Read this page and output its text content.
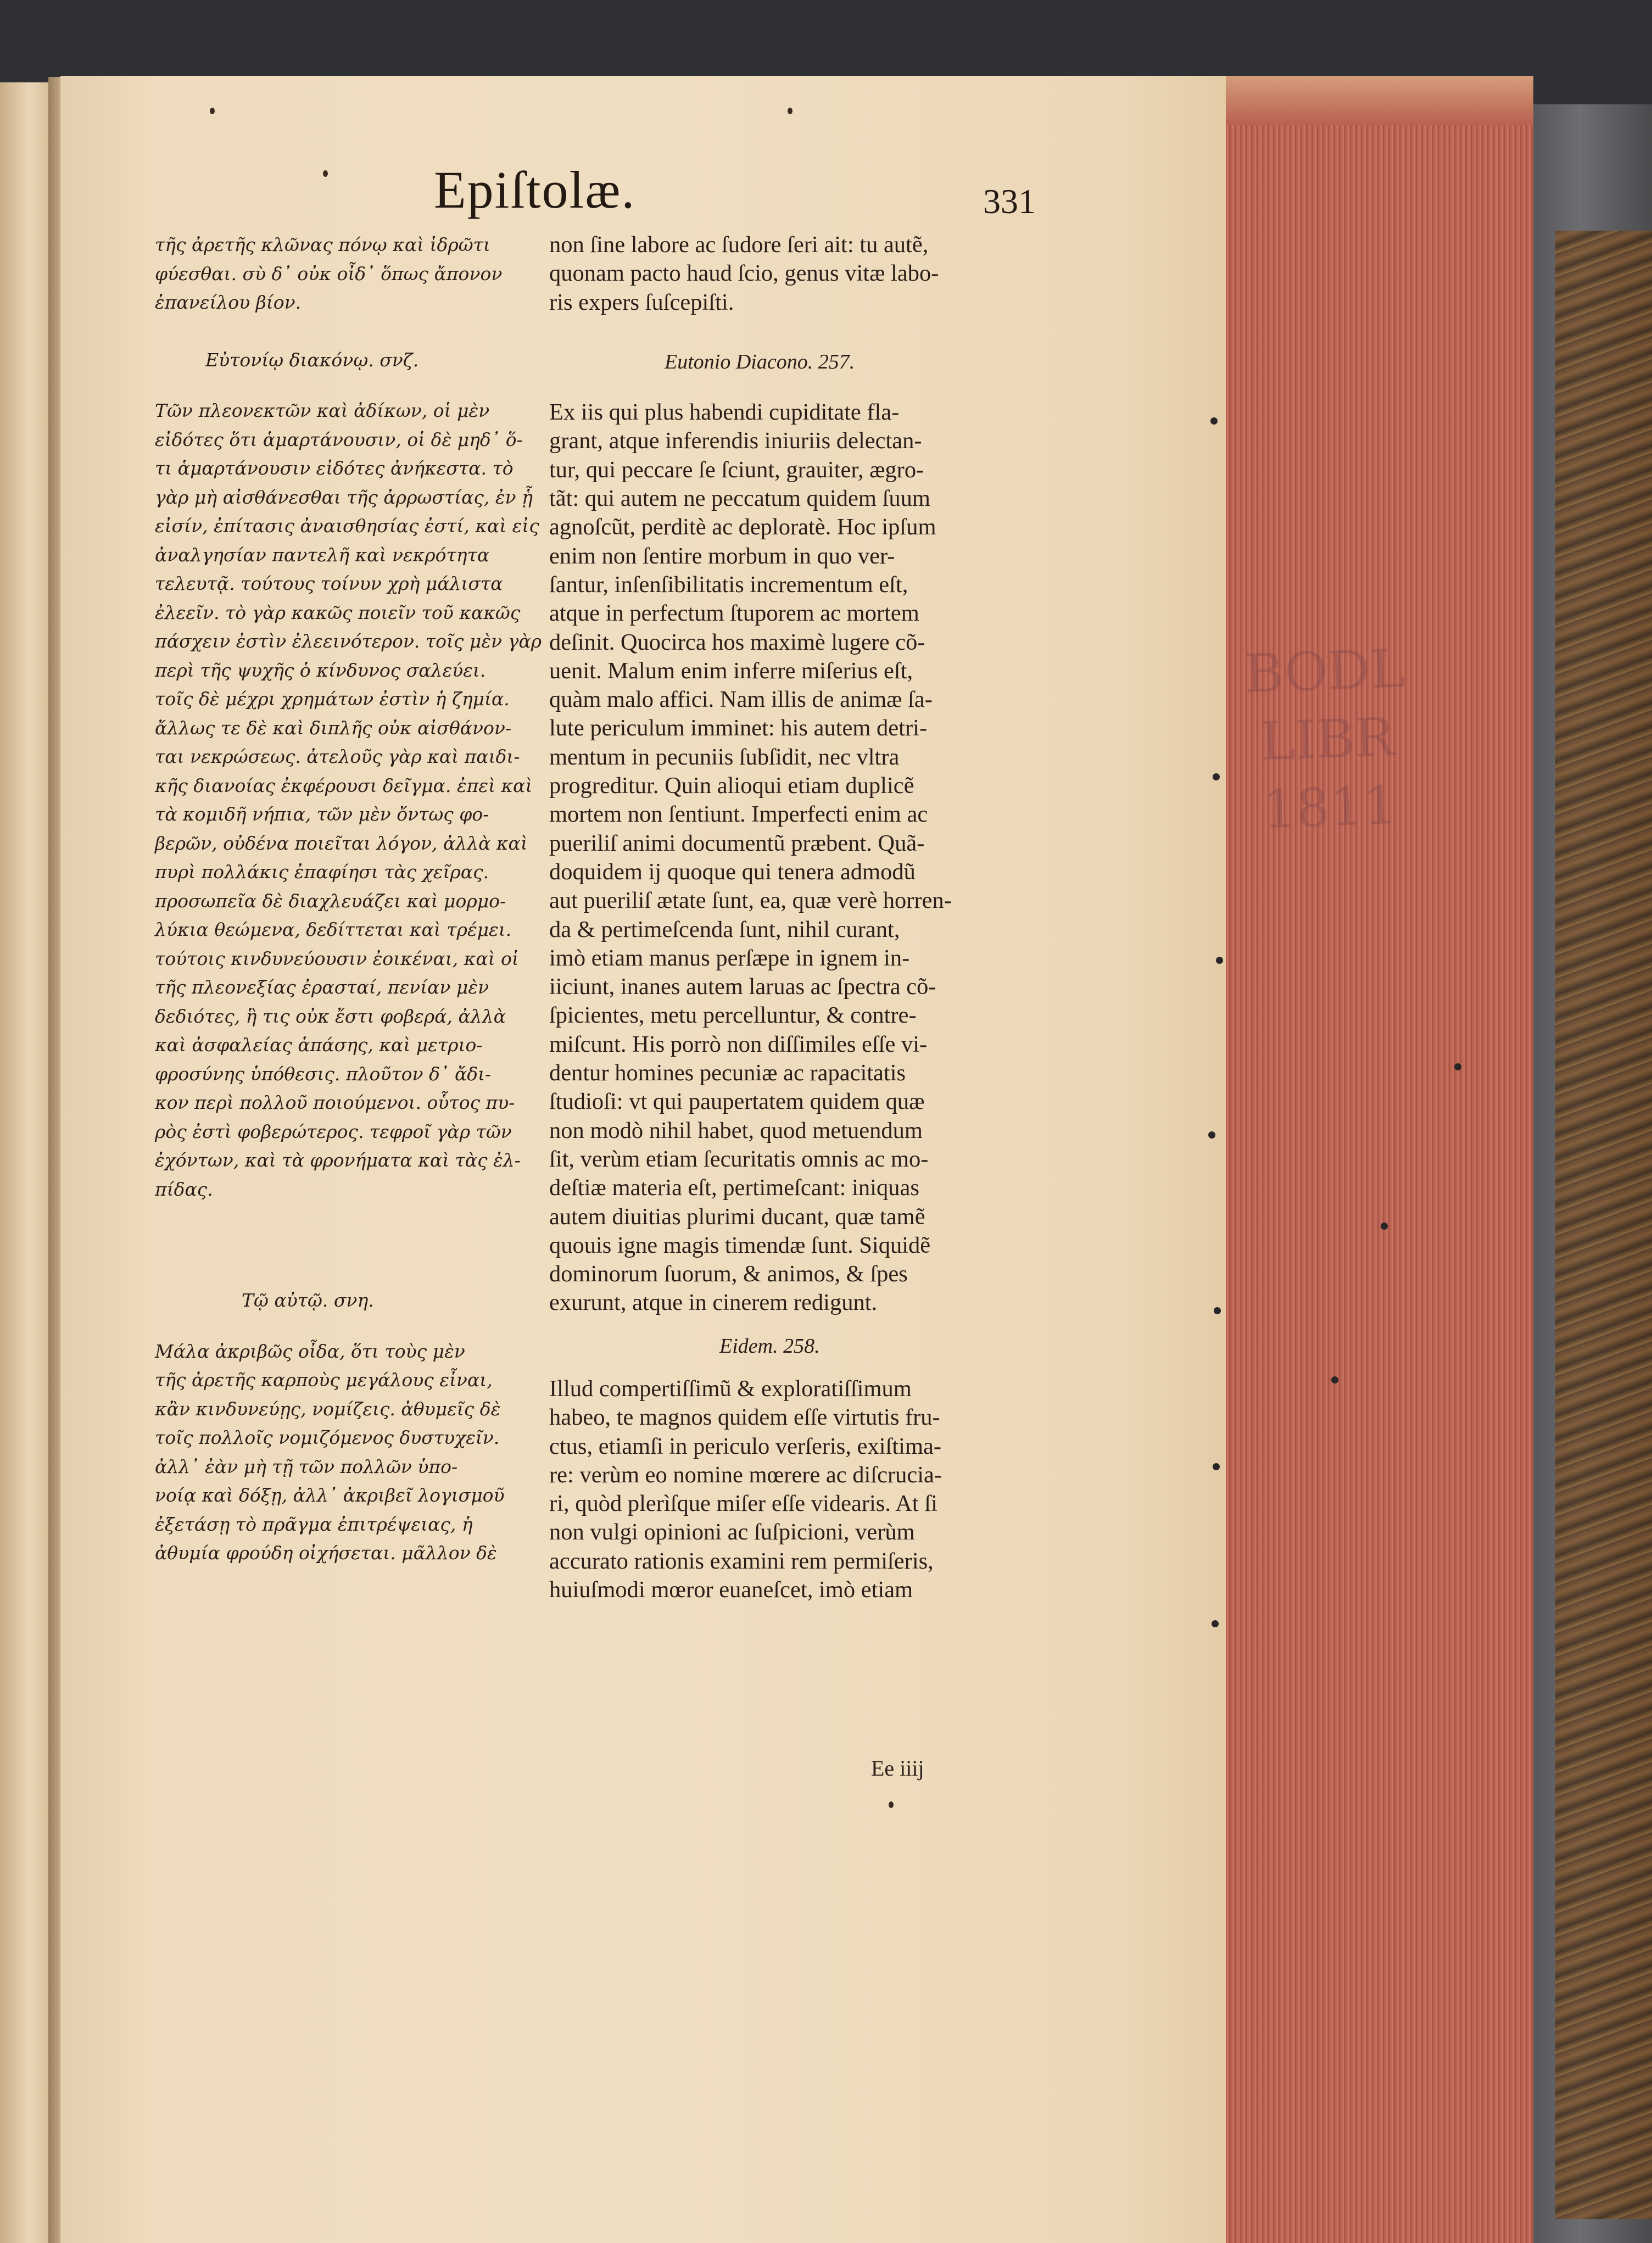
BODL
LIBR
1811
Epiſtolæ.	331
τῆς ἀρετῆς κλῶνας πόνῳ καὶ ἱδρῶτι
φύεσθαι. σὺ δ᾽ οὐκ οἶδ᾽ ὅπως ἄπονον
ἐπανείλου βίον.
Εὐτονίῳ διακόνῳ. σνζ.
Τῶν πλεονεκτῶν καὶ ἀδίκων, οἱ μὲν
εἰδότες ὅτι ἁμαρτάνουσιν, οἱ δὲ μηδ᾽ ὅ-
τι ἁμαρτάνουσιν εἰδότες ἀνήκεστα. τὸ
γὰρ μὴ αἰσθάνεσθαι τῆς ἀρρωστίας, ἐν ᾗ
εἰσίν, ἐπίτασις ἀναισθησίας ἐστί, καὶ εἰς
ἀναλγησίαν παντελῆ καὶ νεκρότητα
τελευτᾷ. τούτους τοίνυν χρὴ μάλιστα
ἐλεεῖν. τὸ γὰρ κακῶς ποιεῖν τοῦ κακῶς
πάσχειν ἐστὶν ἐλεεινότερον. τοῖς μὲν γὰρ
περὶ τῆς ψυχῆς ὁ κίνδυνος σαλεύει.
τοῖς δὲ μέχρι χρημάτων ἐστὶν ἡ ζημία.
ἄλλως τε δὲ καὶ διπλῆς οὐκ αἰσθάνον-
ται νεκρώσεως. ἀτελοῦς γὰρ καὶ παιδι-
κῆς διανοίας ἐκφέρουσι δεῖγμα. ἐπεὶ καὶ
τὰ κομιδῆ νήπια, τῶν μὲν ὄντως φο-
βερῶν, οὐδένα ποιεῖται λόγον, ἀλλὰ καὶ
πυρὶ πολλάκις ἐπαφίησι τὰς χεῖρας.
προσωπεῖα δὲ διαχλευάζει καὶ μορμο-
λύκια θεώμενα, δεδίττεται καὶ τρέμει.
τούτοις κινδυνεύουσιν ἐοικέναι, καὶ οἱ
τῆς πλεονεξίας ἐρασταί, πενίαν μὲν
δεδιότες, ἣ τις οὐκ ἔστι φοβερά, ἀλλὰ
καὶ ἀσφαλείας ἁπάσης, καὶ μετριο-
φροσύνης ὑπόθεσις. πλοῦτον δ᾽ ἄδι-
κον περὶ πολλοῦ ποιούμενοι. οὗτος πυ-
ρὸς ἐστὶ φοβερώτερος. τεφροῖ γὰρ τῶν
ἐχόντων, καὶ τὰ φρονήματα καὶ τὰς ἐλ-
πίδας.
Τῷ αὐτῷ. σνη.
Μάλα ἀκριβῶς οἶδα, ὅτι τοὺς μὲν
τῆς ἀρετῆς καρποὺς μεγάλους εἶναι,
κἂν κινδυνεύῃς, νομίζεις. ἀθυμεῖς δὲ
τοῖς πολλοῖς νομιζόμενος δυστυχεῖν.
ἀλλ᾽ ἐὰν μὴ τῇ τῶν πολλῶν ὑπο-
νοίᾳ καὶ δόξῃ, ἀλλ᾽ ἀκριβεῖ λογισμοῦ
ἐξετάσῃ τὸ πρᾶγμα ἐπιτρέψειας, ἡ
ἀθυμία φρούδη οἰχήσεται. μᾶλλον δὲ
non ſine labore ac ſudore ſeri ait: tu autẽ,
quonam pacto haud ſcio, genus vitæ labo-
ris expers ſuſcepiſti.
Eutonio Diacono. 257.
Ex iis qui plus habendi cupiditate fla-
grant, atque inferendis iniuriis delectan-
tur, qui peccare ſe ſciunt, grauiter, ægro-
tãt: qui autem ne peccatum quidem ſuum
agnoſcũt, perditè ac deploratè. Hoc ipſum
enim non ſentire morbum in quo ver-
ſantur, inſenſibilitatis incrementum eſt,
atque in perfectum ſtuporem ac mortem
deſinit. Quocirca hos maximè lugere cõ-
uenit. Malum enim inferre miſerius eſt,
quàm malo affici. Nam illis de animæ ſa-
lute periculum imminet: his autem detri-
mentum in pecuniis ſubſidit, nec vltra
progreditur. Quin alioqui etiam duplicẽ
mortem non ſentiunt. Imperfecti enim ac
pueriliſ animi documentũ præbent. Quã-
doquidem ij quoque qui tenera admodũ
aut pueriliſ ætate ſunt, ea, quæ verè horren-
da & pertimeſcenda ſunt, nihil curant,
imò etiam manus perſæpe in ignem in-
iiciunt, inanes autem laruas ac ſpectra cõ-
ſpicientes, metu percelluntur, & contre-
miſcunt. His porrò non diſſimiles eſſe vi-
dentur homines pecuniæ ac rapacitatis
ſtudioſi: vt qui paupertatem quidem quæ
non modò nihil habet, quod metuendum
ſit, verùm etiam ſecuritatis omnis ac mo-
deſtiæ materia eſt, pertimeſcant: iniquas
autem diuitias plurimi ducant, quæ tamẽ
quouis igne magis timendæ ſunt. Siquidẽ
dominorum ſuorum, & animos, & ſpes
exurunt, atque in cinerem redigunt.
Eidem. 258.
Illud compertiſſimũ & exploratiſſimum
habeo, te magnos quidem eſſe virtutis fru-
ctus, etiamſi in periculo verſeris, exiſtima-
re: verùm eo nomine mœrere ac diſcrucia-
ri, quòd plerìſque miſer eſſe videaris. At ſi
non vulgi opinioni ac ſuſpicioni, verùm
accurato rationis examini rem permiſeris,
huiuſmodi mœror euaneſcet, imò etiam
Ee iiij
